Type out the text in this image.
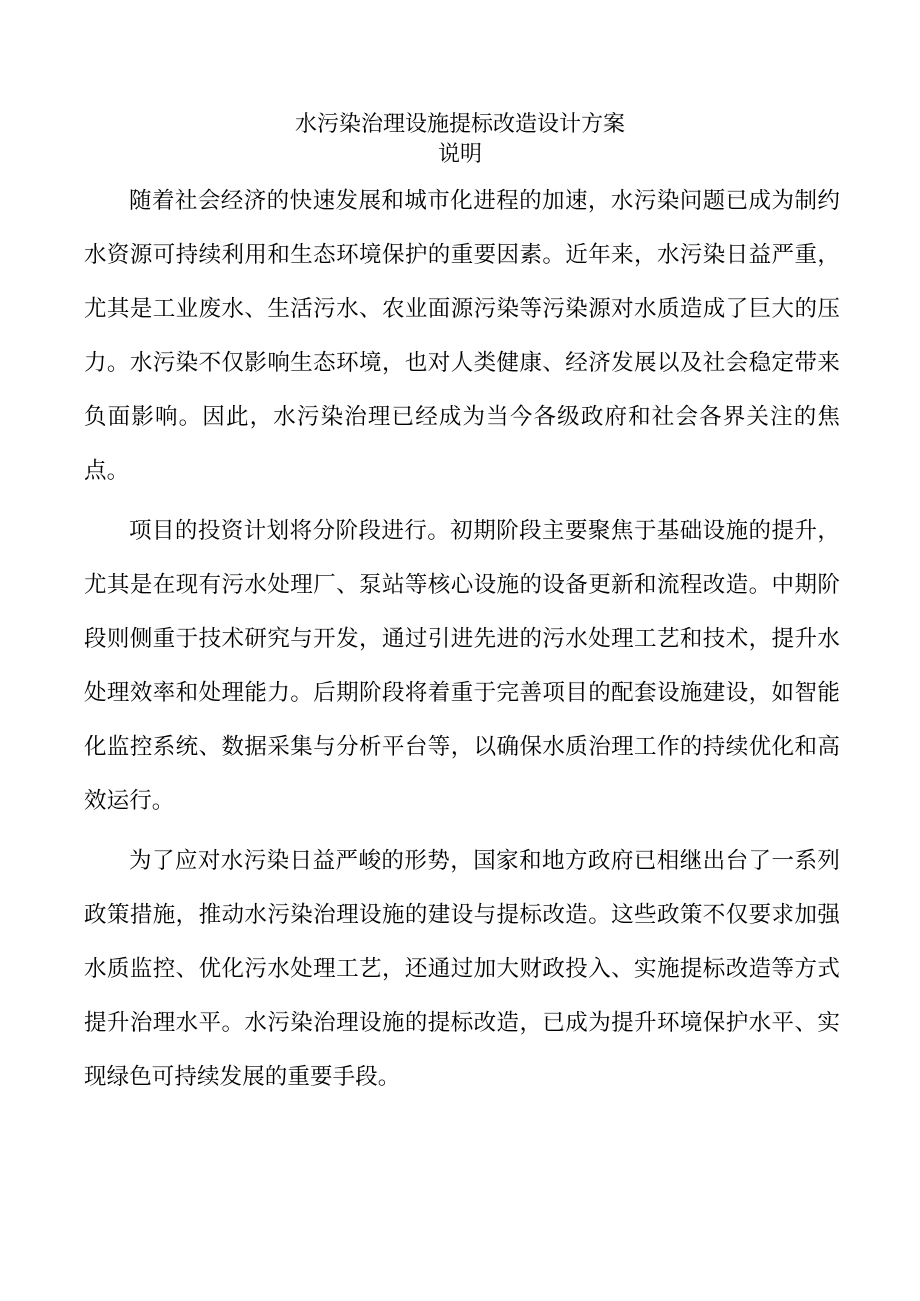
水污染治理设施提标改造设计方案
说明

随着社会经济的快速发展和城市化进程的加速，水污染问题已成为制约水资源可持续利用和生态环境保护的重要因素。近年来，水污染日益严重，尤其是工业废水、生活污水、农业面源污染等污染源对水质造成了巨大的压力。水污染不仅影响生态环境，也对人类健康、经济发展以及社会稳定带来负面影响。因此，水污染治理已经成为当今各级政府和社会各界关注的焦点。

项目的投资计划将分阶段进行。初期阶段主要聚焦于基础设施的提升，尤其是在现有污水处理厂、泵站等核心设施的设备更新和流程改造。中期阶段则侧重于技术研究与开发，通过引进先进的污水处理工艺和技术，提升水处理效率和处理能力。后期阶段将着重于完善项目的配套设施建设，如智能化监控系统、数据采集与分析平台等，以确保水质治理工作的持续优化和高效运行。

为了应对水污染日益严峻的形势，国家和地方政府已相继出台了一系列政策措施，推动水污染治理设施的建设与提标改造。这些政策不仅要求加强水质监控、优化污水处理工艺，还通过加大财政投入、实施提标改造等方式提升治理水平。水污染治理设施的提标改造，已成为提升环境保护水平、实现绿色可持续发展的重要手段。
